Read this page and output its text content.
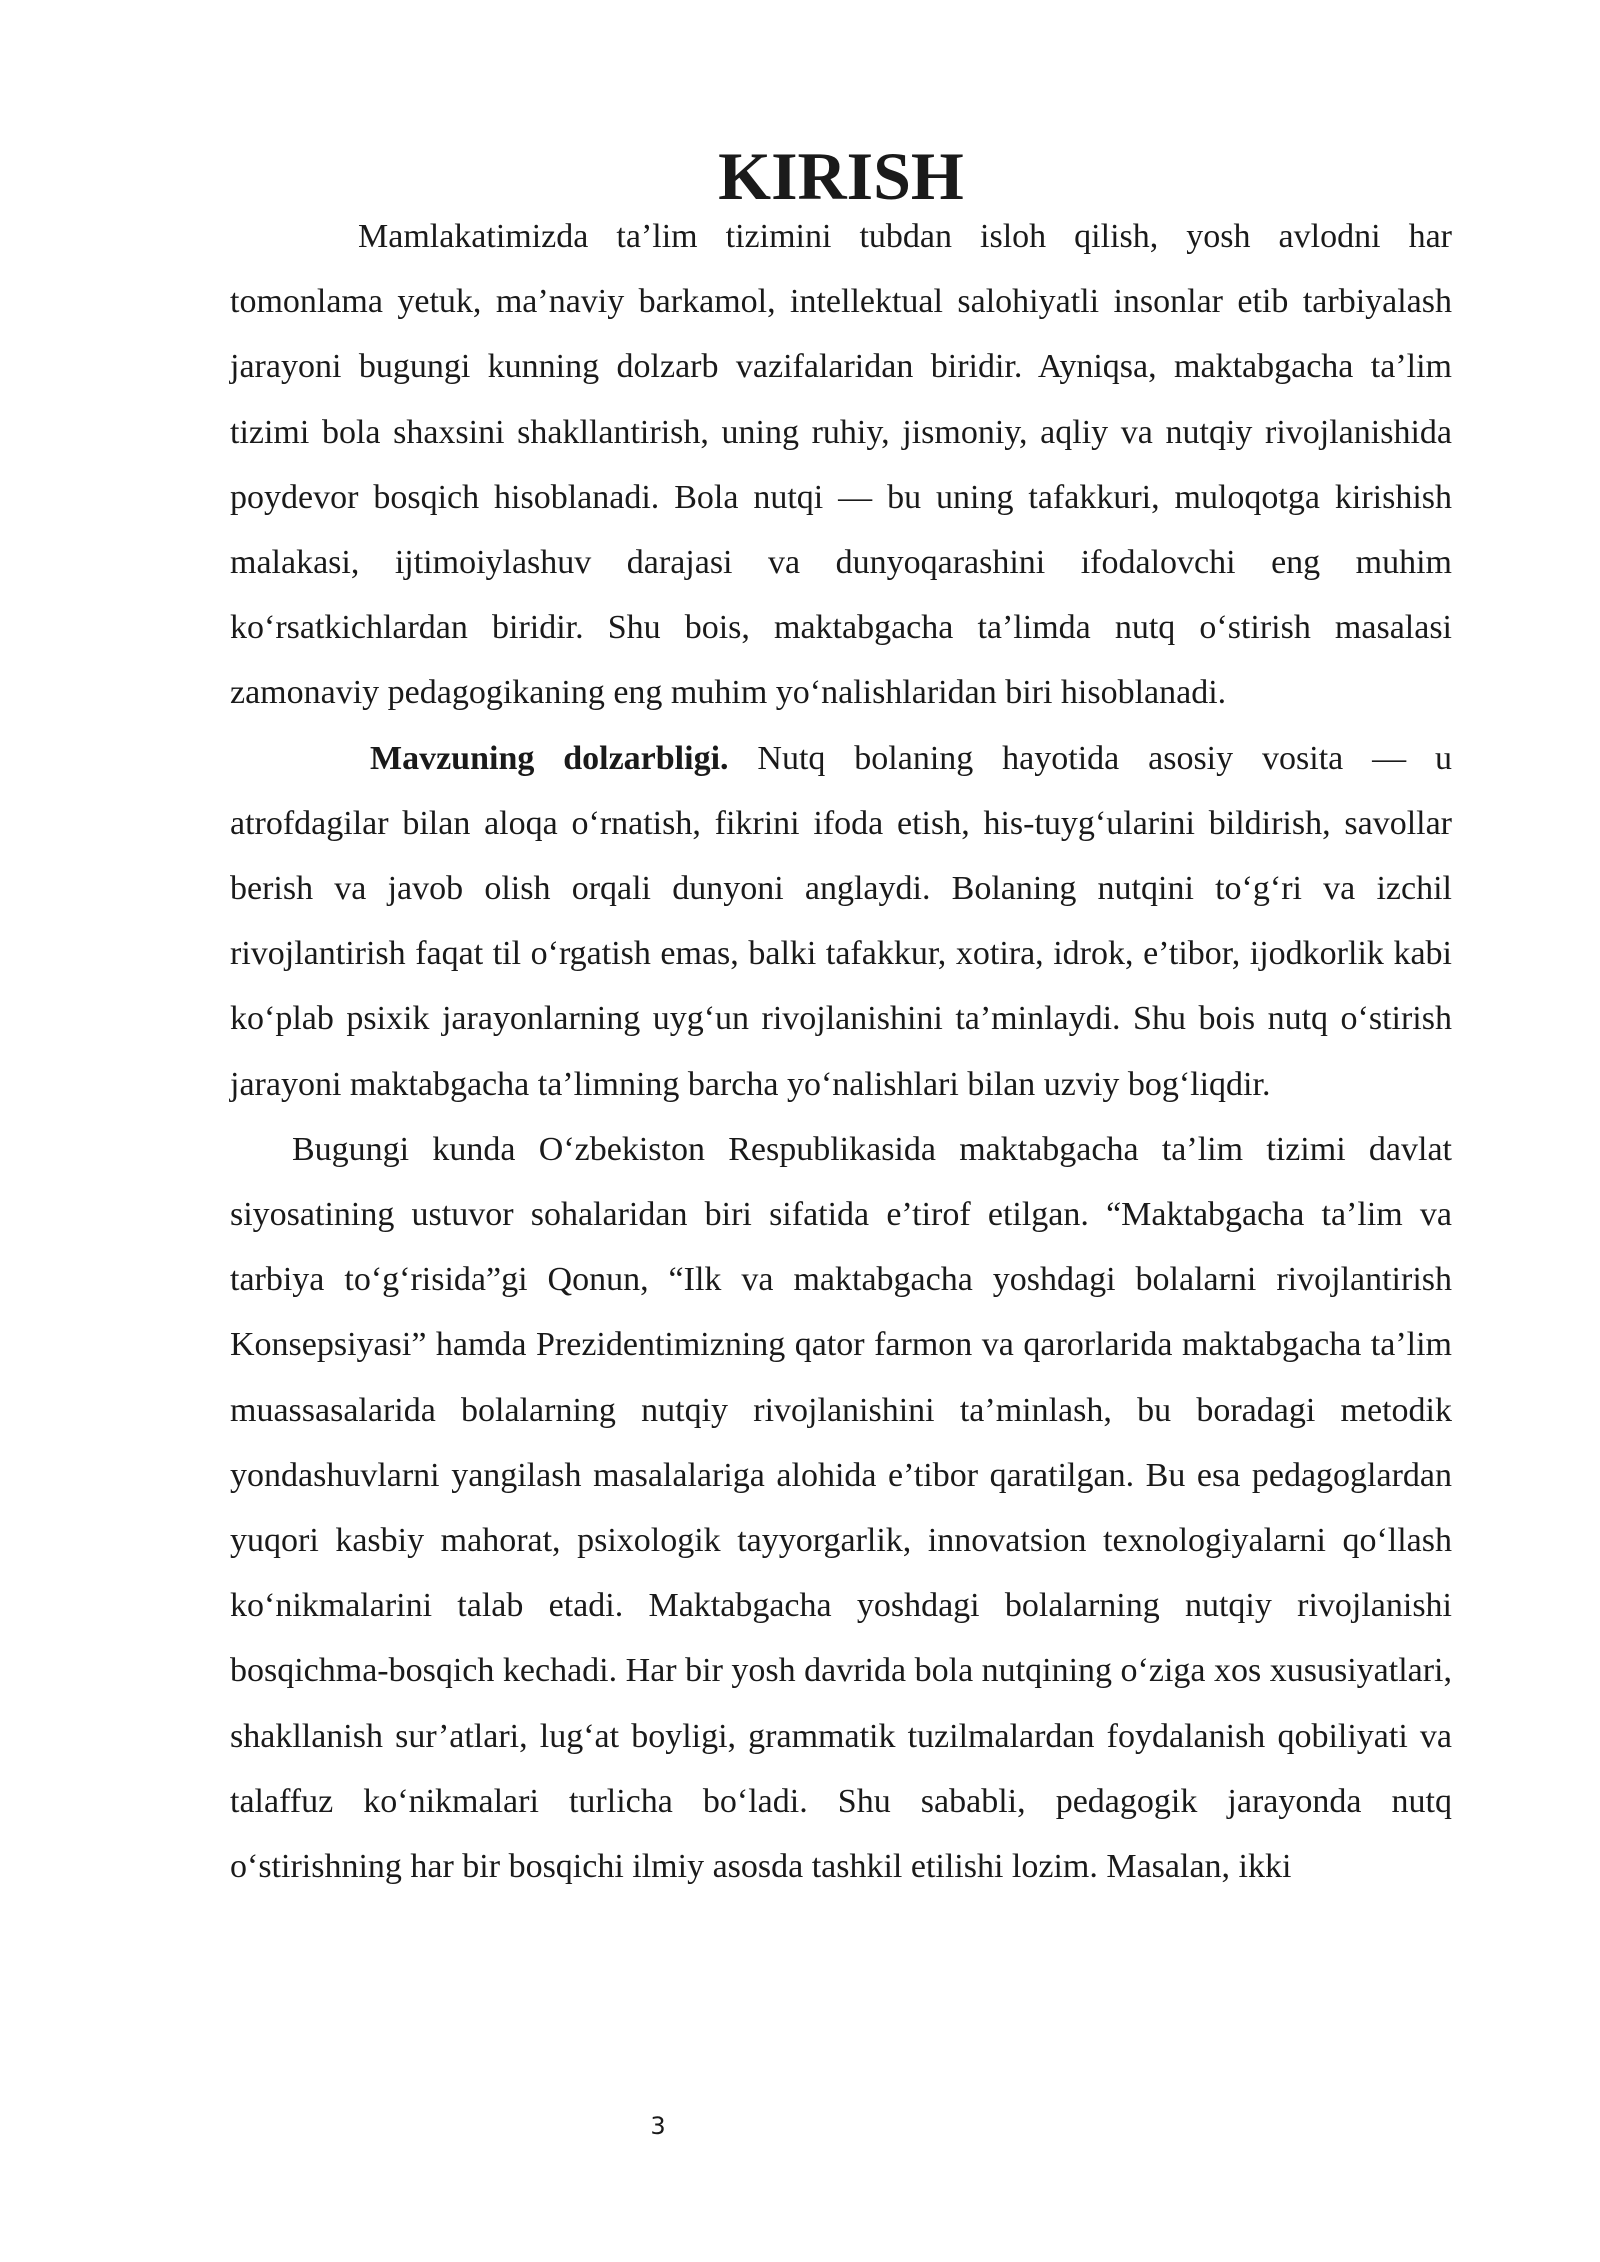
KIRISH

Mamlakatimizda ta’lim tizimini tubdan isloh qilish, yosh avlodni har tomonlama yetuk, ma’naviy barkamol, intellektual salohiyatli insonlar etib tarbiyalash jarayoni bugungi kunning dolzarb vazifalaridan biridir. Ayniqsa, maktabgacha ta’lim tizimi bola shaxsini shakllantirish, uning ruhiy, jismoniy, aqliy va nutqiy rivojlanishida poydevor bosqich hisoblanadi. Bola nutqi — bu uning tafakkuri, muloqotga kirishish malakasi, ijtimoiylashuv darajasi va dunyoqarashini ifodalovchi eng muhim ko‘rsatkichlardan biridir. Shu bois, maktabgacha ta’limda nutq o‘stirish masalasi zamonaviy pedagogikaning eng muhim yo‘nalishlaridan biri hisoblanadi.

Mavzuning dolzarbligi. Nutq bolaning hayotida asosiy vosita — u atrofdagilar bilan aloqa o‘rnatish, fikrini ifoda etish, his-tuyg‘ularini bildirish, savollar berish va javob olish orqali dunyoni anglaydi. Bolaning nutqini to‘g‘ri va izchil rivojlantirish faqat til o‘rgatish emas, balki tafakkur, xotira, idrok, e’tibor, ijodkorlik kabi ko‘plab psixik jarayonlarning uyg‘un rivojlanishini ta’minlaydi. Shu bois nutq o‘stirish jarayoni maktabgacha ta’limning barcha yo‘nalishlari bilan uzviy bog‘liqdir.

Bugungi kunda O‘zbekiston Respublikasida maktabgacha ta’lim tizimi davlat siyosatining ustuvor sohalaridan biri sifatida e’tirof etilgan. “Maktabgacha ta’lim va tarbiya to‘g‘risida”gi Qonun, “Ilk va maktabgacha yoshdagi bolalarni rivojlantirish Konsepsiyasi” hamda Prezidentimizning qator farmon va qarorlarida maktabgacha ta’lim muassasalarida bolalarning nutqiy rivojlanishini ta’minlash, bu boradagi metodik yondashuvlarni yangilash masalalariga alohida e’tibor qaratilgan. Bu esa pedagoglardan yuqori kasbiy mahorat, psixologik tayyorgarlik, innovatsion texnologiyalarni qo‘llash ko‘nikmalarini talab etadi. Maktabgacha yoshdagi bolalarning nutqiy rivojlanishi bosqichma-bosqich kechadi. Har bir yosh davrida bola nutqining o‘ziga xos xususiyatlari, shakllanish sur’atlari, lug‘at boyligi, grammatik tuzilmalardan foydalanish qobiliyati va talaffuz ko‘nikmalari turlicha bo‘ladi. Shu sababli, pedagogik jarayonda nutq o‘stirishning har bir bosqichi ilmiy asosda tashkil etilishi lozim. Masalan, ikki

3
